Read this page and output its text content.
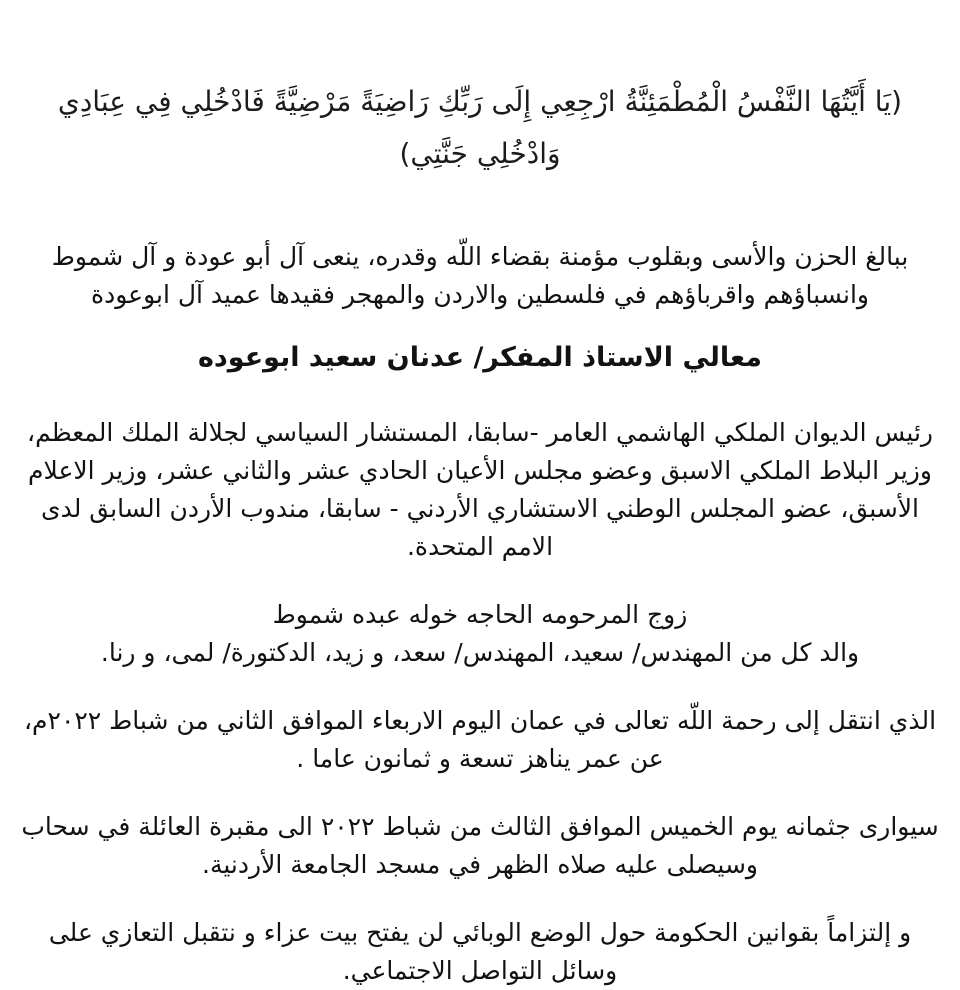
(يَا أَيَّتُهَا النَّفْسُ الْمُطْمَئِنَّةُ ارْجِعِي إِلَى رَبِّكِ رَاضِيَةً مَرْضِيَّةً فَادْخُلِي فِي عِبَادِي وَادْخُلِي جَنَّتِي)

ببالغ الحزن والأسى وبقلوب مؤمنة بقضاء اللّه وقدره، ينعى آل أبو عودة و آل شموط وانسباؤهم واقرباؤهم في فلسطين والاردن والمهجر فقيدها عميد آل ابوعودة

معالي الاستاذ المفكر/ عدنان سعيد ابوعوده

رئيس الديوان الملكي الهاشمي العامر -سابقا، المستشار السياسي لجلالة الملك المعظم، وزير البلاط الملكي الاسبق وعضو مجلس الأعيان الحادي عشر والثاني عشر، وزير الاعلام الأسبق، عضو المجلس الوطني الاستشاري الأردني - سابقا، مندوب الأردن السابق لدى الامم المتحدة.

زوج المرحومه الحاجه خوله عبده شموط
والد كل من المهندس/ سعيد، المهندس/ سعد، و زيد، الدكتورة/ لمى، و رنا.

الذي انتقل إلى رحمة اللّه تعالى في عمان اليوم الاربعاء الموافق الثاني من شباط ٢٠٢٢م، عن عمر يناهز تسعة و ثمانون عاما .

سيوارى جثمانه يوم الخميس الموافق الثالث من شباط ٢٠٢٢ الى مقبرة العائلة في سحاب وسيصلى عليه صلاه الظهر في مسجد الجامعة الأردنية.

و إلتزاماً بقوانين الحكومة حول الوضع الوبائي لن يفتح بيت عزاء و نتقبل التعازي على وسائل التواصل الاجتماعي.
